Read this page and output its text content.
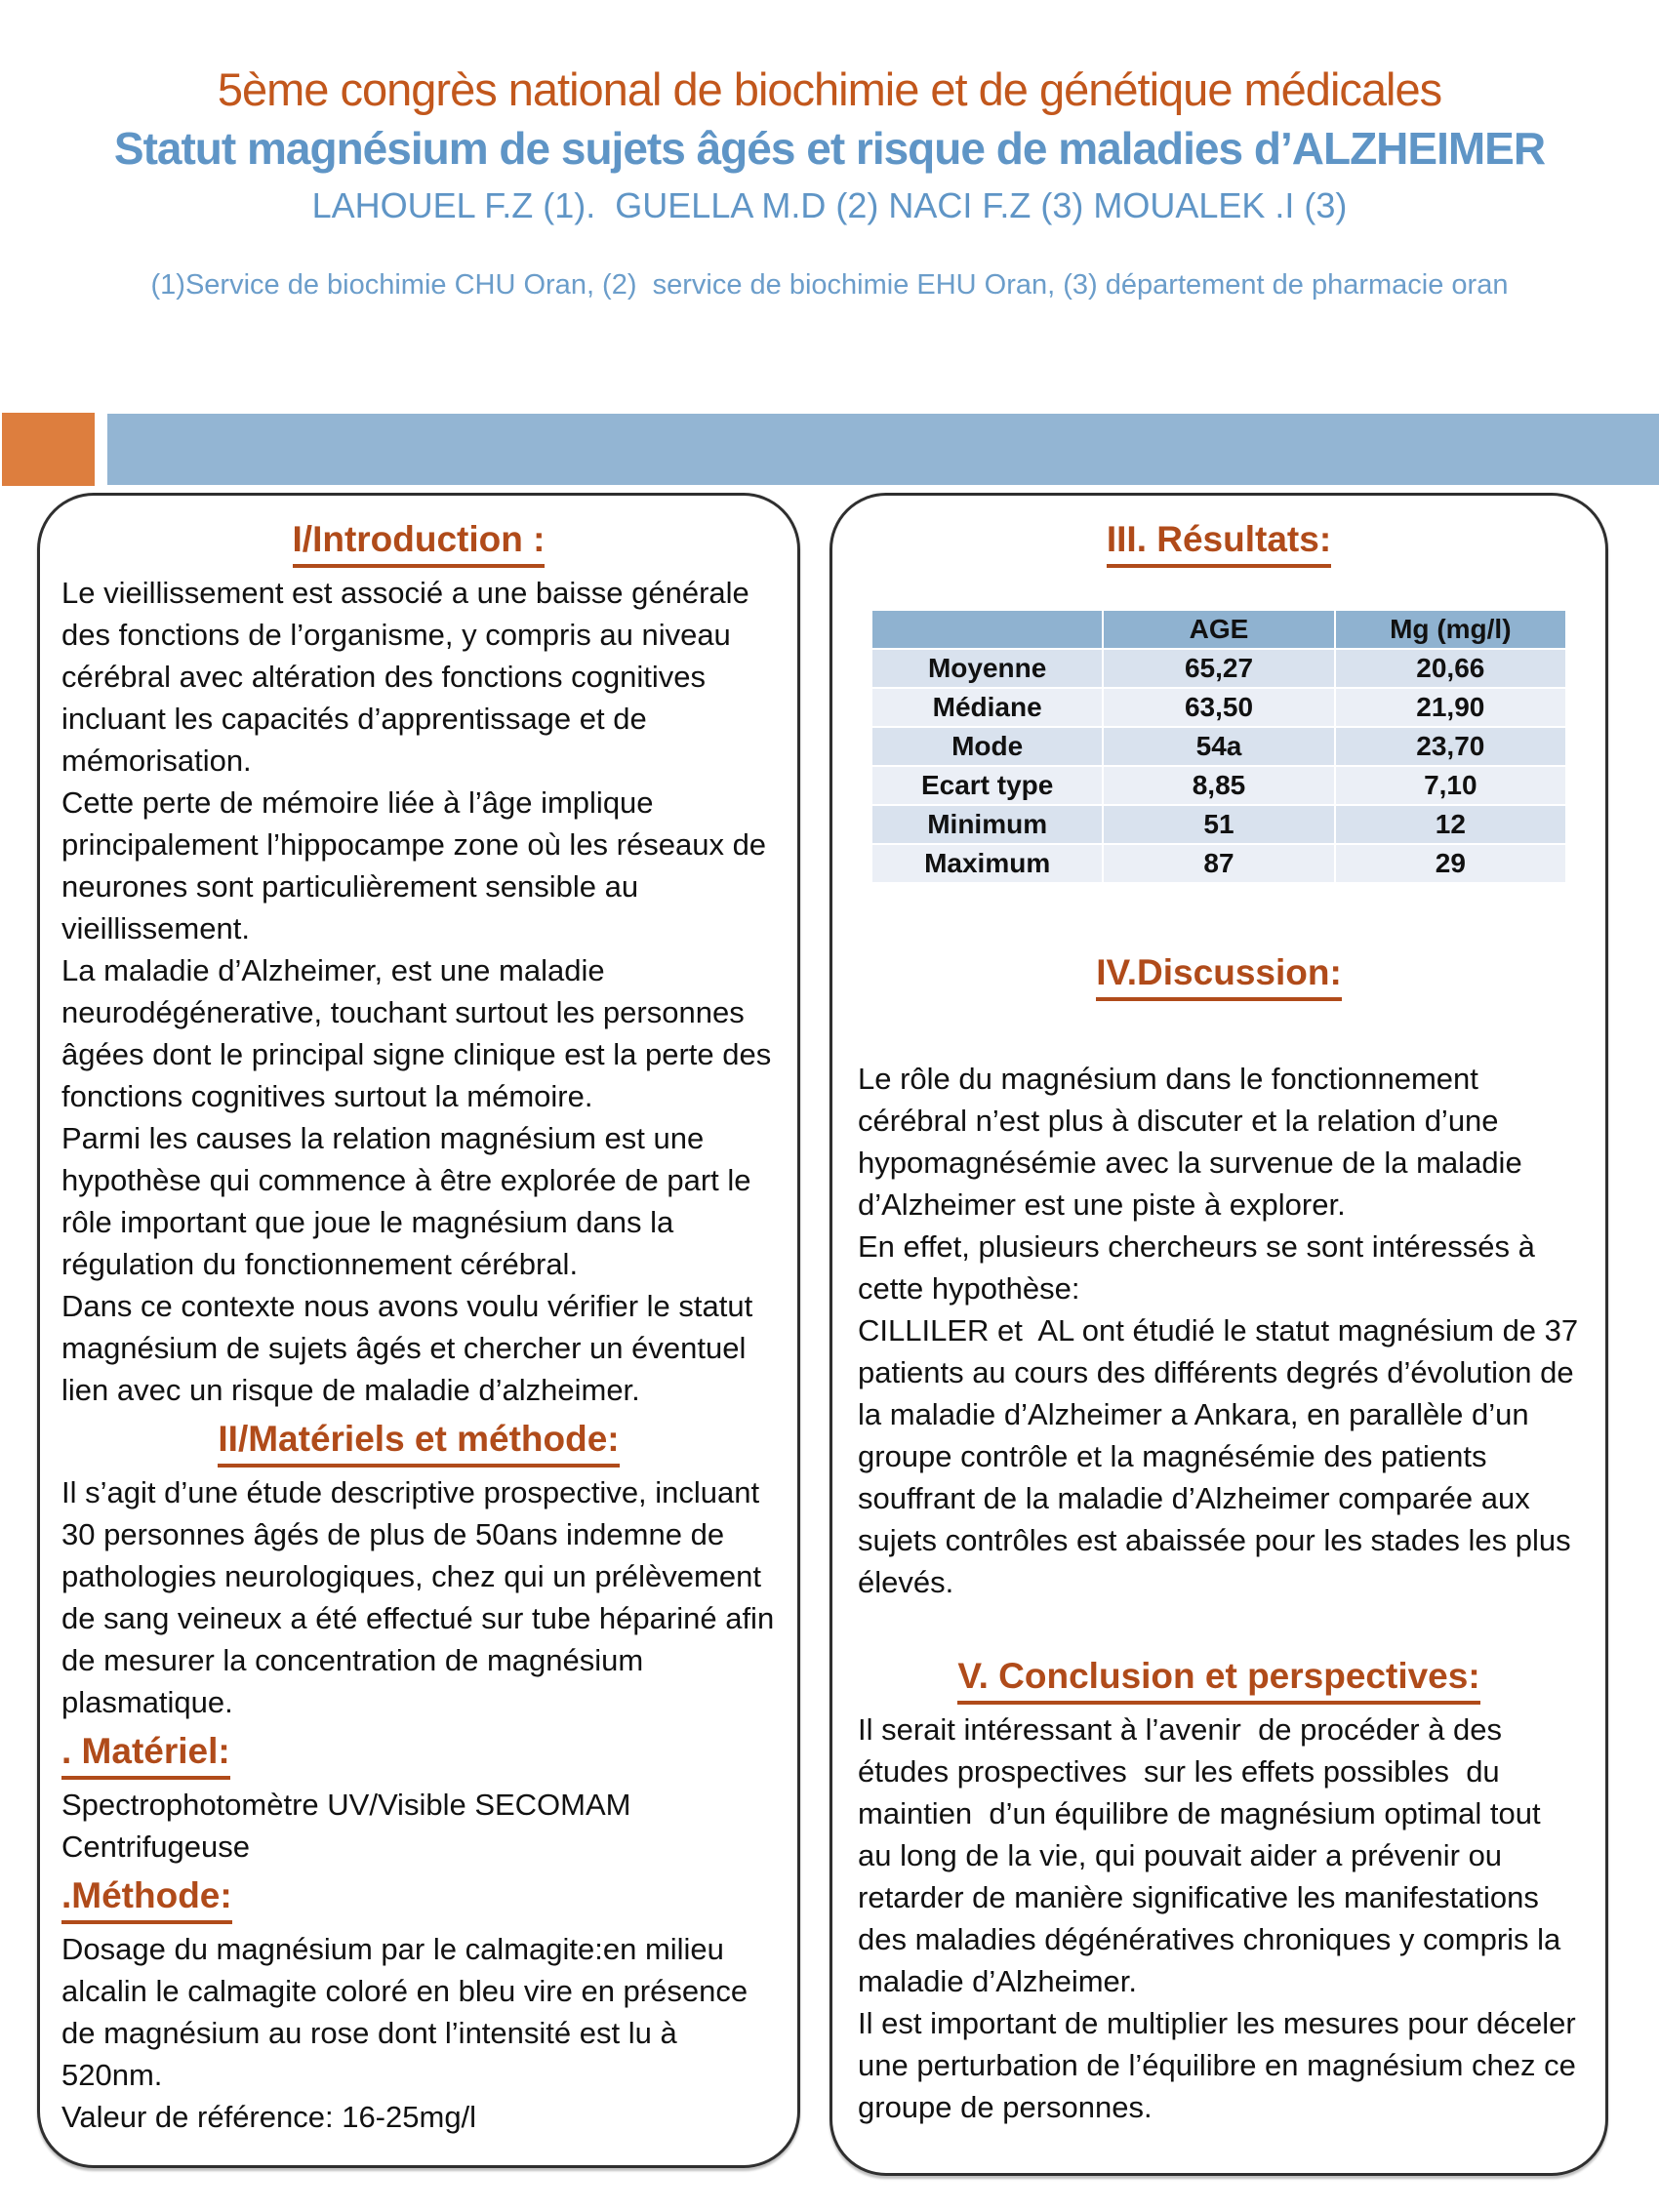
5ème congrès national de biochimie et de génétique médicales
Statut magnésium de sujets âgés et risque de maladies d’ALZHEIMER
LAHOUEL F.Z (1).  GUELLA M.D (2) NACI F.Z (3) MOUALEK .I (3)
(1)Service de biochimie CHU Oran, (2)  service de biochimie EHU Oran, (3) département de pharmacie oran
I/Introduction :
Le vieillissement est associé a une baisse générale des fonctions de l’organisme, y compris au niveau cérébral avec altération des fonctions cognitives incluant les capacités d’apprentissage et de mémorisation.
Cette perte de mémoire liée à l’âge implique principalement l’hippocampe zone où les réseaux de neurones sont particulièrement sensible au vieillissement.
La maladie d’Alzheimer, est une maladie neurodégénerative, touchant surtout les personnes âgées dont le principal signe clinique est la perte des fonctions cognitives surtout la mémoire.
Parmi les causes la relation magnésium est une hypothèse qui commence à être explorée de part le rôle important que joue le magnésium dans la régulation du fonctionnement cérébral.
Dans ce contexte nous avons voulu vérifier le statut magnésium de sujets âgés et chercher un éventuel lien avec un risque de maladie d’alzheimer.
II/Matériels et méthode:
Il s’agit d’une étude descriptive prospective, incluant 30 personnes âgés de plus de 50ans indemne de pathologies neurologiques, chez qui un prélèvement de sang veineux a été effectué sur tube hépariné afin de mesurer la concentration de magnésium plasmatique.
. Matériel:
Spectrophotomètre UV/Visible SECOMAM
Centrifugeuse
.Méthode:
Dosage du magnésium par le calmagite:en milieu alcalin le calmagite coloré en bleu vire en présence de magnésium au rose dont l’intensité est lu à 520nm.
Valeur de référence: 16-25mg/l
III. Résultats:
	AGE	Mg (mg/l)
Moyenne	65,27	20,66
Médiane	63,50	21,90
Mode	54a	23,70
Ecart type	8,85	7,10
Minimum	51	12
Maximum	87	29
IV.Discussion:
Le rôle du magnésium dans le fonctionnement cérébral n’est plus à discuter et la relation d’une hypomagnésémie avec la survenue de la maladie d’Alzheimer est une piste à explorer.
En effet, plusieurs chercheurs se sont intéressés à cette hypothèse:
CILLILER et  AL ont étudié le statut magnésium de 37 patients au cours des différents degrés d’évolution de la maladie d’Alzheimer a Ankara, en parallèle d’un groupe contrôle et la magnésémie des patients souffrant de la maladie d’Alzheimer comparée aux sujets contrôles est abaissée pour les stades les plus élevés.
V. Conclusion et perspectives:
Il serait intéressant à l’avenir  de procéder à des études prospectives  sur les effets possibles  du maintien  d’un équilibre de magnésium optimal tout au long de la vie, qui pouvait aider a prévenir ou retarder de manière significative les manifestations des maladies dégénératives chroniques y compris la maladie d’Alzheimer.
Il est important de multiplier les mesures pour déceler une perturbation de l’équilibre en magnésium chez ce groupe de personnes.
